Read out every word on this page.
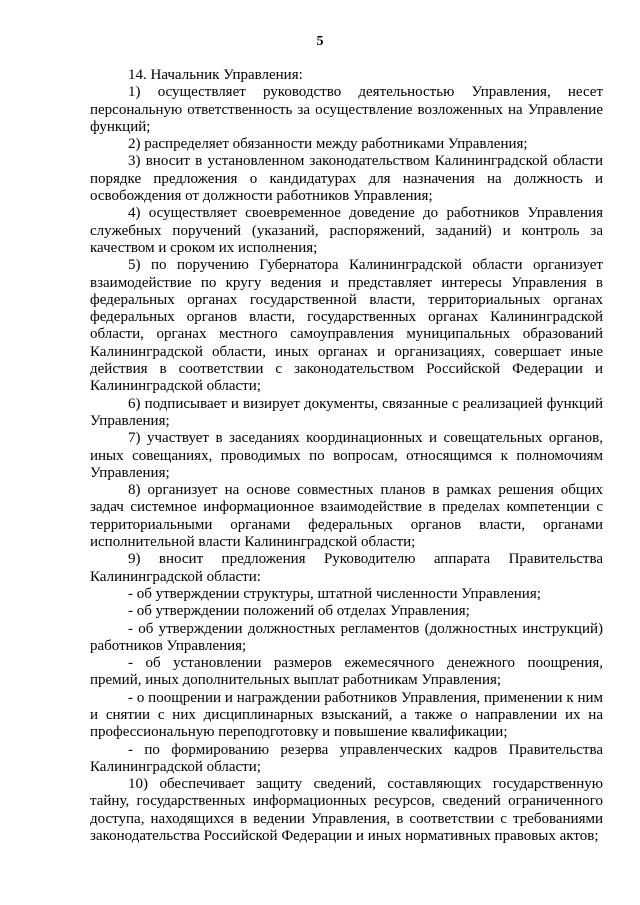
5

14. Начальник Управления:

1) осуществляет руководство деятельностью Управления, несет персональную ответственность за осуществление возложенных на Управление функций;

2) распределяет обязанности между работниками Управления;

3) вносит в установленном законодательством Калининградской области порядке предложения о кандидатурах для назначения на должность и освобождения от должности работников Управления;

4) осуществляет своевременное доведение до работников Управления служебных поручений (указаний, распоряжений, заданий) и контроль за качеством и сроком их исполнения;

5) по поручению Губернатора Калининградской области организует взаимодействие по кругу ведения и представляет интересы Управления в федеральных органах государственной власти, территориальных органах федеральных органов власти, государственных органах Калининградской области, органах местного самоуправления муниципальных образований Калининградской области, иных органах и организациях, совершает иные действия в соответствии с законодательством Российской Федерации и Калининградской области;

6) подписывает и визирует документы, связанные с реализацией функций Управления;

7) участвует в заседаниях координационных и совещательных органов, иных совещаниях, проводимых по вопросам, относящимся к полномочиям Управления;

8) организует на основе совместных планов в рамках решения общих задач системное информационное взаимодействие в пределах компетенции с территориальными органами федеральных органов власти, органами исполнительной власти Калининградской области;

9) вносит предложения Руководителю аппарата Правительства Калининградской области:

- об утверждении структуры, штатной численности Управления;

- об утверждении положений об отделах Управления;

- об утверждении должностных регламентов (должностных инструкций) работников Управления;

- об установлении размеров ежемесячного денежного поощрения, премий, иных дополнительных выплат работникам Управления;

- о поощрении и награждении работников Управления, применении к ним и снятии с них дисциплинарных взысканий, а также о направлении их на профессиональную переподготовку и повышение квалификации;

- по формированию резерва управленческих кадров Правительства Калининградской области;

10) обеспечивает защиту сведений, составляющих государственную тайну, государственных информационных ресурсов, сведений ограниченного доступа, находящихся в ведении Управления, в соответствии с требованиями законодательства Российской Федерации и иных нормативных правовых актов;
